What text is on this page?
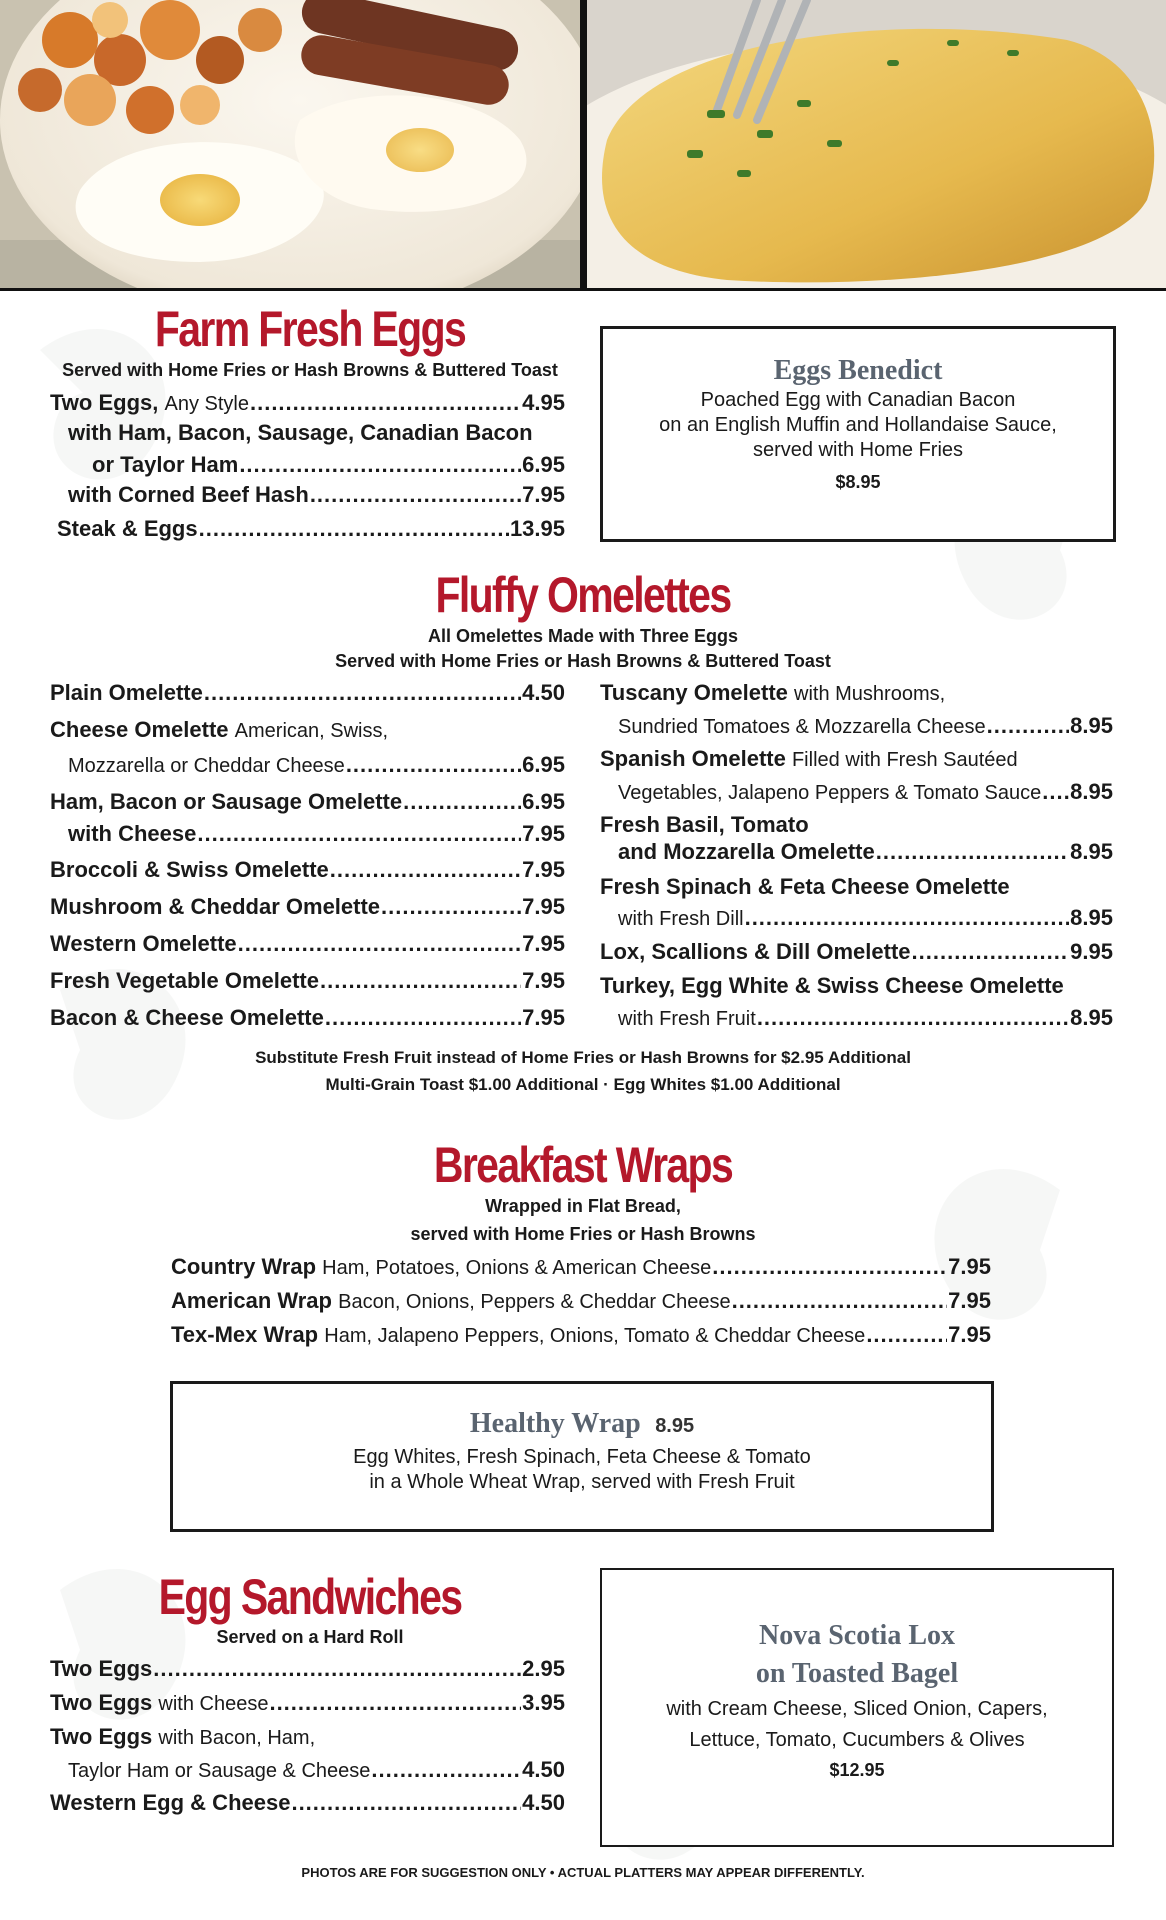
Farm Fresh Eggs
Served with Home Fries or Hash Browns & Buttered Toast
Two Eggs,
Any Style .....	4.95
with Ham, Bacon, Sausage, Canadian Bacon
or Taylor Ham .....	6.95
with Corned Beef Hash .....	7.95
Steak & Eggs .....	13.95
Eggs Benedict
Poached Egg with Canadian Bacon
on an English Muffin and Hollandaise Sauce,
served with Home Fries
$8.95
Fluffy Omelettes
All Omelettes Made with Three Eggs
Served with Home Fries or Hash Browns & Buttered Toast
Plain Omelette .....	4.50
Cheese Omelette American, Swiss,
Mozzarella or Cheddar Cheese .....	6.95
Ham, Bacon or Sausage Omelette .....	6.95
with Cheese .....	7.95
Broccoli & Swiss Omelette .....	7.95
Mushroom & Cheddar Omelette .....	7.95
Western Omelette .....	7.95
Fresh Vegetable Omelette .....	7.95
Bacon & Cheese Omelette .....	7.95
Tuscany Omelette with Mushrooms,
Sundried Tomatoes & Mozzarella Cheese .....	8.95
Spanish Omelette Filled with Fresh Sautéed
Vegetables, Jalapeno Peppers & Tomato Sauce ..... 8.95
Fresh Basil, Tomato
and Mozzarella Omelette .....	8.95
Fresh Spinach & Feta Cheese Omelette
with Fresh Dill .....	8.95
Lox, Scallions & Dill Omelette .....	9.95
Turkey, Egg White & Swiss Cheese Omelette
with Fresh Fruit .....	8.95
Substitute Fresh Fruit instead of Home Fries or Hash Browns for $2.95 Additional
Multi-Grain Toast $1.00 Additional · Egg Whites $1.00 Additional
Breakfast Wraps
Wrapped in Flat Bread,
served with Home Fries or Hash Browns
Country Wrap
Ham, Potatoes, Onions & American Cheese .....	7.95
American Wrap
Bacon, Onions, Peppers & Cheddar Cheese .....	7.95
Tex-Mex Wrap
Ham, Jalapeno Peppers, Onions, Tomato & Cheddar Cheese .....	7.95
Healthy Wrap 8.95
Egg Whites, Fresh Spinach, Feta Cheese & Tomato
in a Whole Wheat Wrap, served with Fresh Fruit
Egg Sandwiches
Served on a Hard Roll
Two Eggs .....	2.95
Two Eggs
with Cheese .....	3.95
Two Eggs with Bacon, Ham,
Taylor Ham or Sausage & Cheese .....	4.50
Western Egg & Cheese .....	4.50
Nova Scotia Lox
on Toasted Bagel
with Cream Cheese, Sliced Onion, Capers,
Lettuce, Tomato, Cucumbers & Olives
$12.95
PHOTOS ARE FOR SUGGESTION ONLY • ACTUAL PLATTERS MAY APPEAR DIFFERENTLY.
